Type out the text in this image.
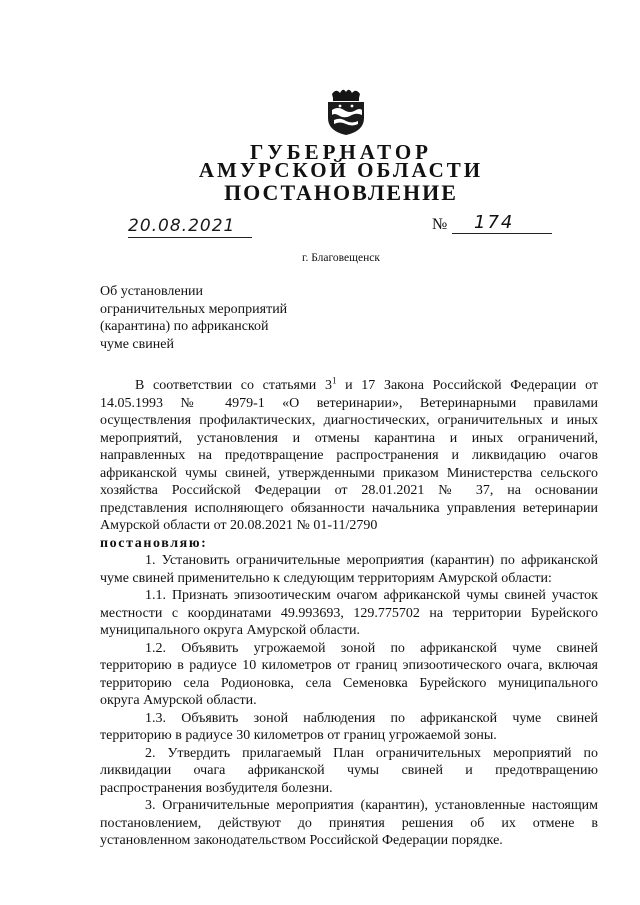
ГУБЕРНАТОР
АМУРСКОЙ ОБЛАСТИ
ПОСТАНОВЛЕНИЕ
20.08.2021	№	174
г. Благовещенск
Об установлении
ограничительных мероприятий
(карантина) по африканской
чуме свиней
В соответствии со статьями $3^1$ и 17 Закона Российской Федерации от
14.05.1993 № 4979-1 «О ветеринарии», Ветеринарными правилами
осуществления профилактических, диагностических, ограничительных и иных
мероприятий, установления и отмены карантина и иных ограничений,
направленных на предотвращение распространения и ликвидацию очагов
африканской чумы свиней, утвержденными приказом Министерства сельского
хозяйства Российской Федерации от 28.01.2021 № 37, на основании
представления исполняющего обязанности начальника управления ветеринарии
Амурской области от 20.08.2021 № 01-11/2790
постановляю:
1. Установить ограничительные мероприятия (карантин) по африканской
чуме свиней применительно к следующим территориям Амурской области:
1.1. Признать эпизоотическим очагом африканской чумы свиней участок
местности с координатами 49.993693, 129.775702 на территории Бурейского
муниципального округа Амурской области.
1.2. Объявить угрожаемой зоной по африканской чуме свиней
территорию в радиусе 10 километров от границ эпизоотического очага, включая
территорию села Родионовка, села Семеновка Бурейского муниципального
округа Амурской области.
1.3. Объявить зоной наблюдения по африканской чуме свиней
территорию в радиусе 30 километров от границ угрожаемой зоны.
2. Утвердить прилагаемый План ограничительных мероприятий по
ликвидации очага африканской чумы свиней и предотвращению
распространения возбудителя болезни.
3. Ограничительные мероприятия (карантин), установленные настоящим
постановлением, действуют до принятия решения об их отмене в
установленном законодательством Российской Федерации порядке.
